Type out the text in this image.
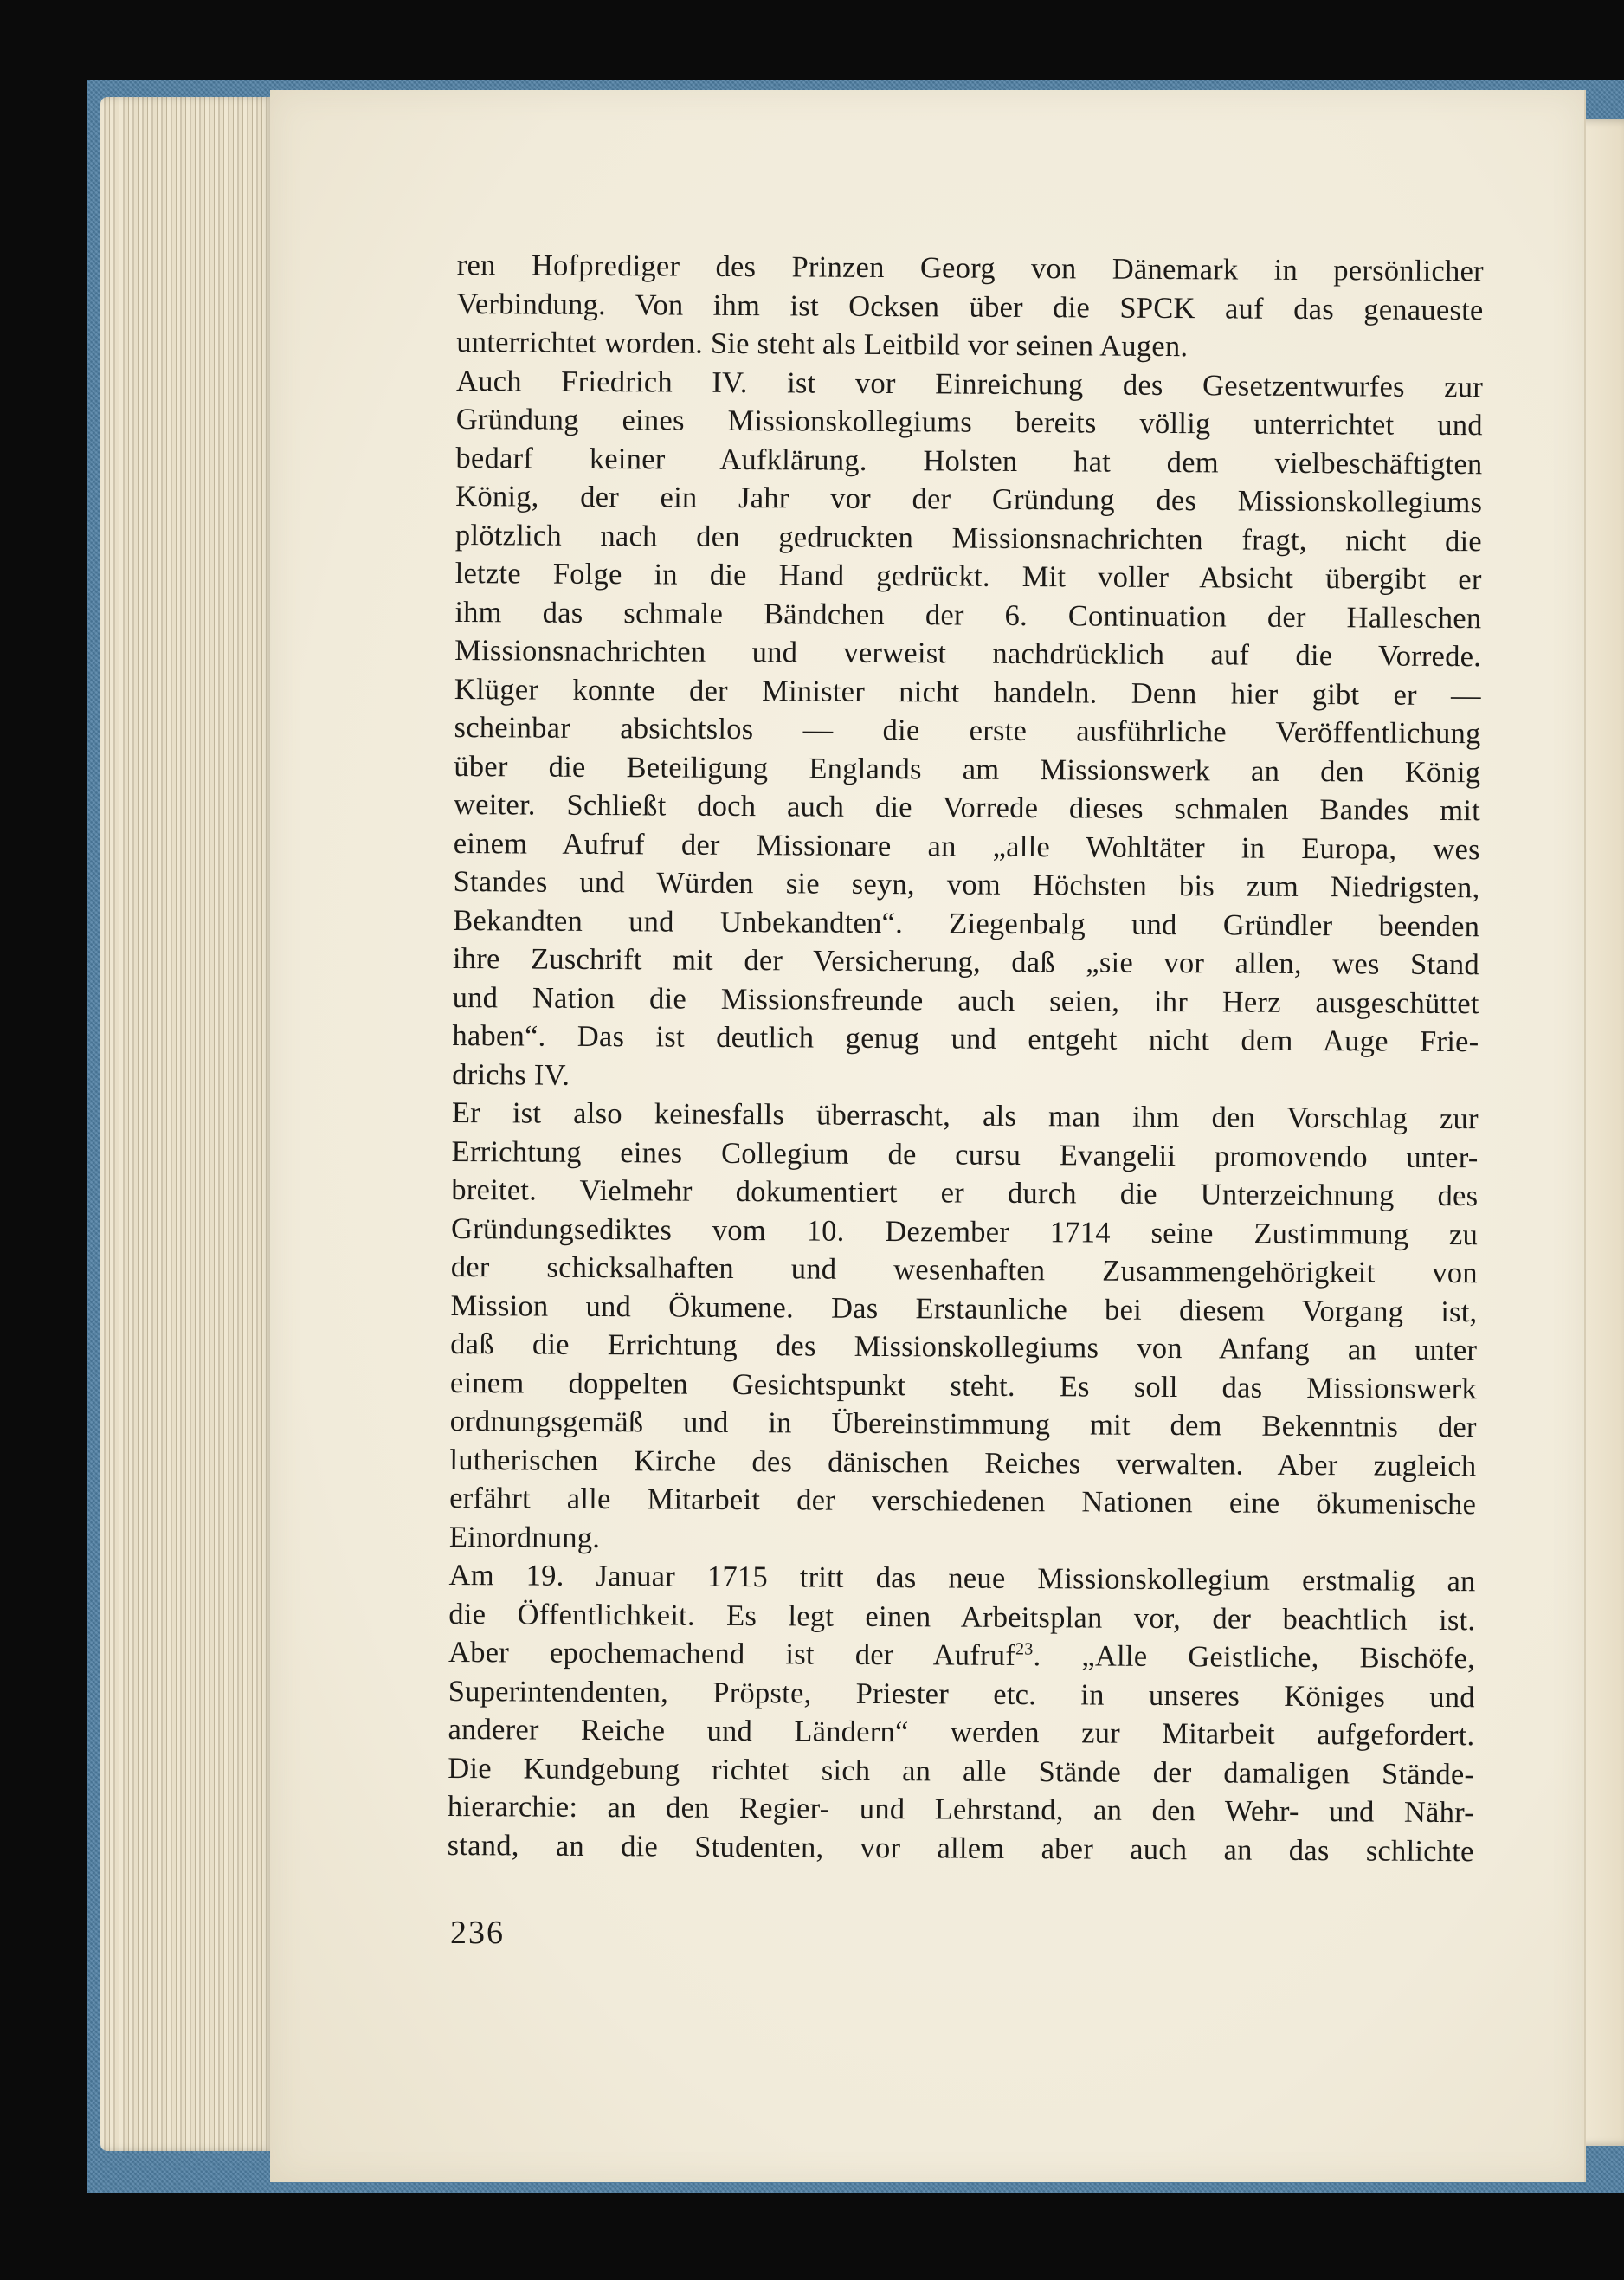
ren Hofprediger des Prinzen Georg von Dänemark in persönlicher
Verbindung. Von ihm ist Ocksen über die SPCK auf das genaueste
unterrichtet worden. Sie steht als Leitbild vor seinen Augen.
Auch Friedrich IV. ist vor Einreichung des Gesetzentwurfes zur
Gründung eines Missionskollegiums bereits völlig unterrichtet und
bedarf keiner Aufklärung. Holsten hat dem vielbeschäftigten
König, der ein Jahr vor der Gründung des Missionskollegiums
plötzlich nach den gedruckten Missionsnachrichten fragt, nicht die
letzte Folge in die Hand gedrückt. Mit voller Absicht übergibt er
ihm das schmale Bändchen der 6. Continuation der Halleschen
Missionsnachrichten und verweist nachdrücklich auf die Vorrede.
Klüger konnte der Minister nicht handeln. Denn hier gibt er —
scheinbar absichtslos — die erste ausführliche Veröffentlichung
über die Beteiligung Englands am Missionswerk an den König
weiter. Schließt doch auch die Vorrede dieses schmalen Bandes mit
einem Aufruf der Missionare an „alle Wohltäter in Europa, wes
Standes und Würden sie seyn, vom Höchsten bis zum Niedrigsten,
Bekandten und Unbekandten“. Ziegenbalg und Gründler beenden
ihre Zuschrift mit der Versicherung, daß „sie vor allen, wes Stand
und Nation die Missionsfreunde auch seien, ihr Herz ausgeschüttet
haben“. Das ist deutlich genug und entgeht nicht dem Auge Frie-
drichs IV.
Er ist also keinesfalls überrascht, als man ihm den Vorschlag zur
Errichtung eines Collegium de cursu Evangelii promovendo unter-
breitet. Vielmehr dokumentiert er durch die Unterzeichnung des
Gründungsediktes vom 10. Dezember 1714 seine Zustimmung zu
der schicksalhaften und wesenhaften Zusammengehörigkeit von
Mission und Ökumene. Das Erstaunliche bei diesem Vorgang ist,
daß die Errichtung des Missionskollegiums von Anfang an unter
einem doppelten Gesichtspunkt steht. Es soll das Missionswerk
ordnungsgemäß und in Übereinstimmung mit dem Bekenntnis der
lutherischen Kirche des dänischen Reiches verwalten. Aber zugleich
erfährt alle Mitarbeit der verschiedenen Nationen eine ökumenische
Einordnung.
Am 19. Januar 1715 tritt das neue Missionskollegium erstmalig an
die Öffentlichkeit. Es legt einen Arbeitsplan vor, der beachtlich ist.
Aber epochemachend ist der Aufruf$^{23}$. „Alle Geistliche, Bischöfe,
Superintendenten, Pröpste, Priester etc. in unseres Königes und
anderer Reiche und Ländern“ werden zur Mitarbeit aufgefordert.
Die Kundgebung richtet sich an alle Stände der damaligen Stände-
hierarchie: an den Regier- und Lehrstand, an den Wehr- und Nähr-
stand, an die Studenten, vor allem aber auch an das schlichte
236
